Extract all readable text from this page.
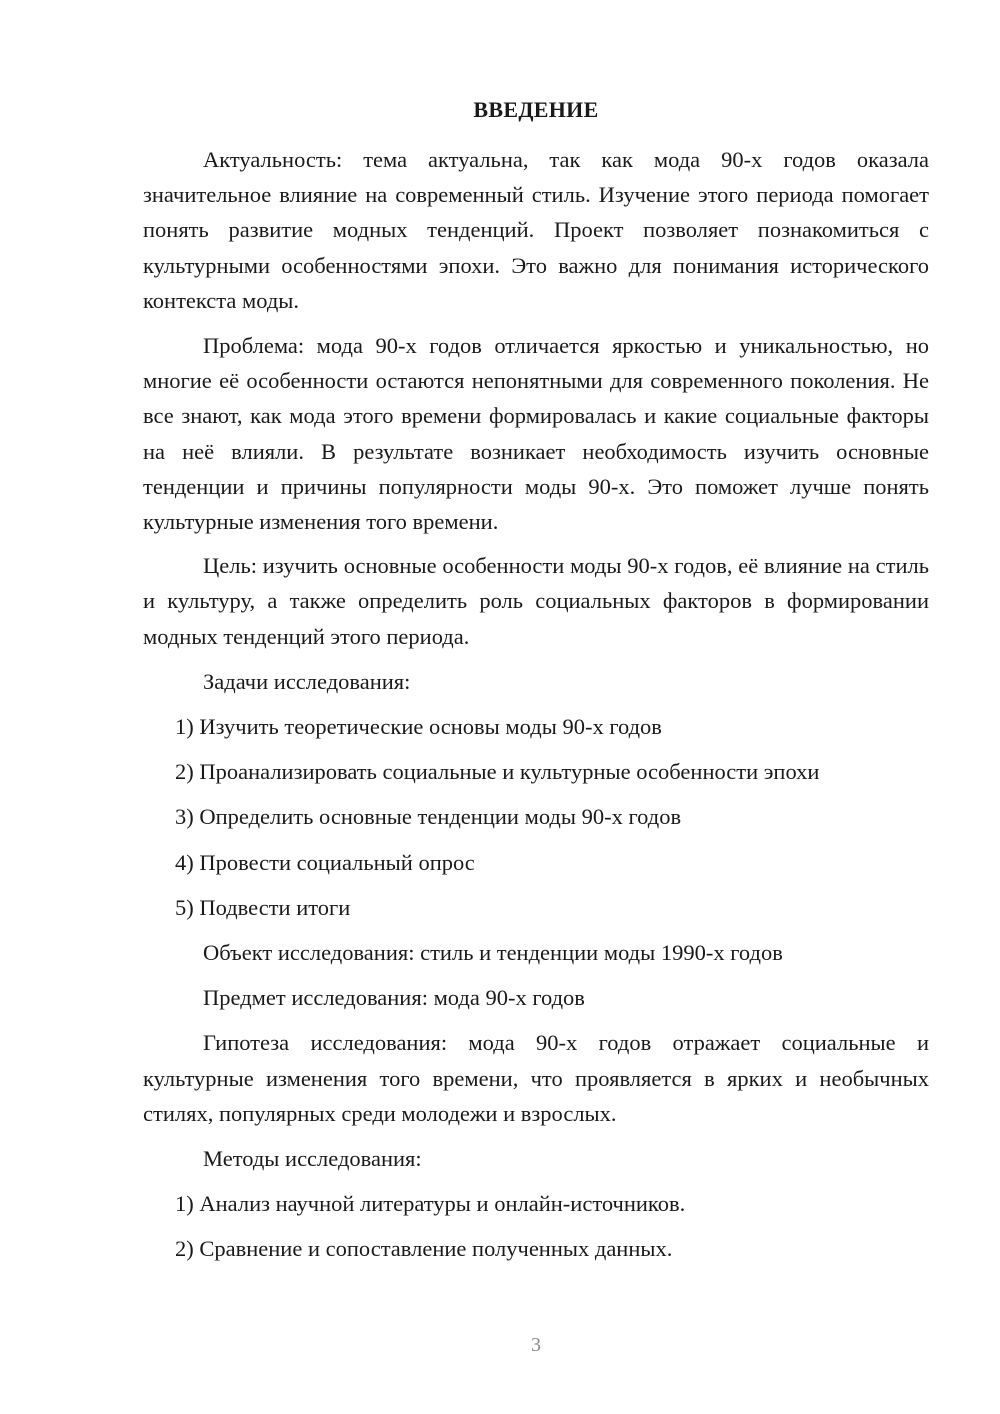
ВВЕДЕНИЕ

Актуальность: тема актуальна, так как мода 90-х годов оказала значительное влияние на современный стиль. Изучение этого периода помогает понять развитие модных тенденций. Проект позволяет познакомиться с культурными особенностями эпохи. Это важно для понимания исторического контекста моды.

Проблема: мода 90-х годов отличается яркостью и уникальностью, но многие её особенности остаются непонятными для современного поколения. Не все знают, как мода этого времени формировалась и какие социальные факторы на неё влияли. В результате возникает необходимость изучить основные тенденции и причины популярности моды 90-х. Это поможет лучше понять культурные изменения того времени.

Цель: изучить основные особенности моды 90-х годов, её влияние на стиль и культуру, а также определить роль социальных факторов в формировании модных тенденций этого периода.

Задачи исследования:

1) Изучить теоретические основы моды 90-х годов

2) Проанализировать социальные и культурные особенности эпохи

3) Определить основные тенденции моды 90-х годов

4) Провести социальный опрос

5) Подвести итоги

Объект исследования: стиль и тенденции моды 1990-х годов

Предмет исследования: мода 90-х годов

Гипотеза исследования: мода 90-х годов отражает социальные и культурные изменения того времени, что проявляется в ярких и необычных стилях, популярных среди молодежи и взрослых.

Методы исследования:

1) Анализ научной литературы и онлайн-источников.

2) Сравнение и сопоставление полученных данных.

3
